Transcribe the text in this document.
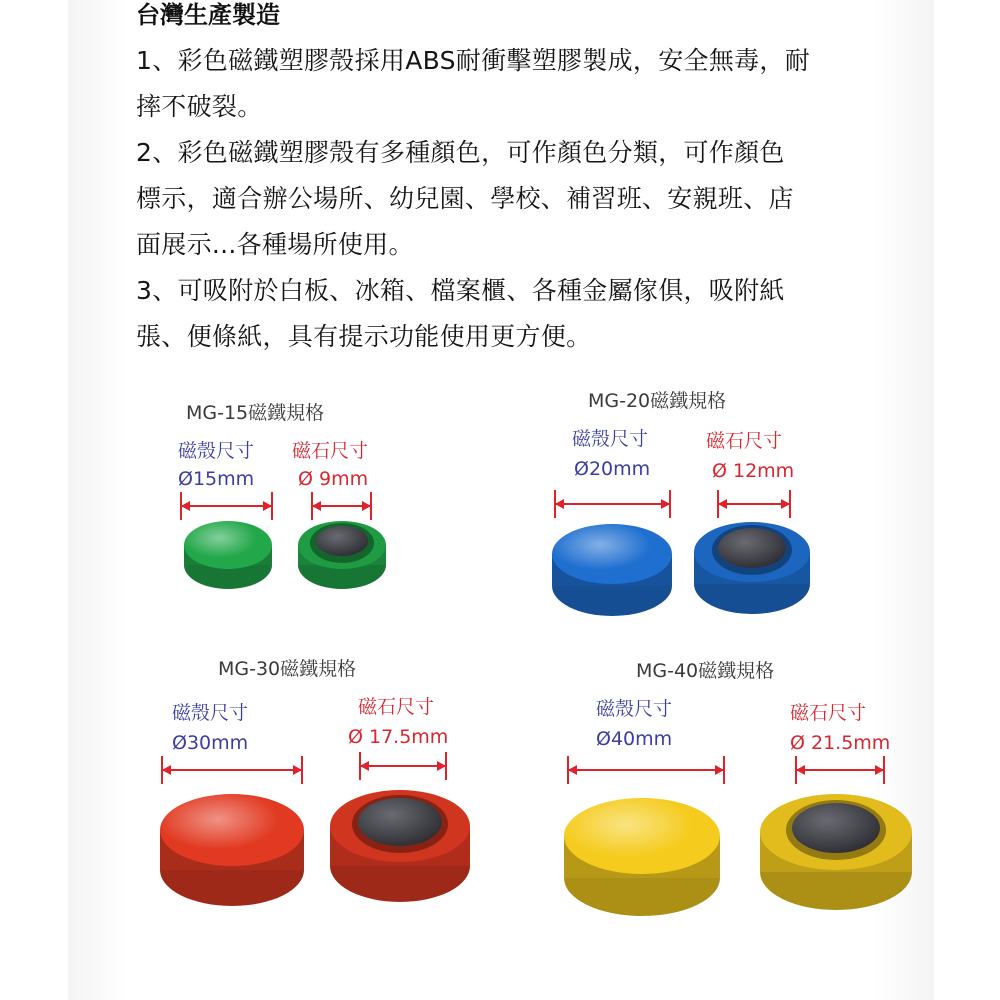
台灣生產製造
1、彩色磁鐵塑膠殼採用ABS耐衝擊塑膠製成，安全無毒，耐
摔不破裂。
2、彩色磁鐵塑膠殼有多種顏色，可作顏色分類，可作顏色
標示，適合辦公場所、幼兒園、學校、補習班、安親班、店
面展示...各種場所使用。
3、可吸附於白板、冰箱、檔案櫃、各種金屬傢俱，吸附紙
張、便條紙，具有提示功能使用更方便。
MG-15磁鐵規格
磁殼尺寸
Ø15mm
磁石尺寸
Ø 9mm
MG-20磁鐵規格
磁殼尺寸
Ø20mm
磁石尺寸
Ø 12mm
MG-30磁鐵規格
磁殼尺寸
Ø30mm
磁石尺寸
Ø 17.5mm
MG-40磁鐵規格
磁殼尺寸
Ø40mm
磁石尺寸
Ø 21.5mm
